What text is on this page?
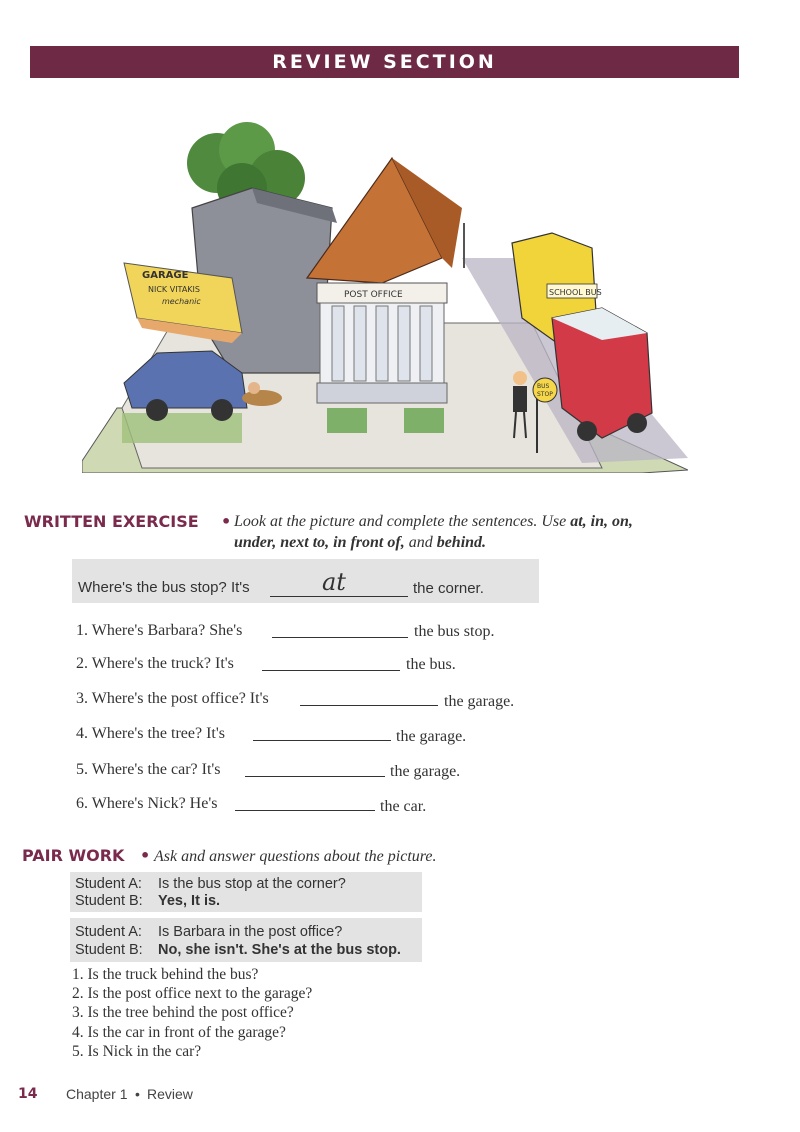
REVIEW SECTION
GARAGE
NICK VITAKIS
mechanic
POST OFFICE	SCHOOL BUS
BUS
STOP
WRITTEN EXERCISE • Look at the picture and complete the sentences. Use at, in, on,
under, next to, in front of, and behind.
Where's the bus stop? It's	at	the corner.
1. Where's Barbara? She's	the bus stop.
2. Where's the truck? It's	the bus.
3. Where's the post office? It's	the garage.
4. Where's the tree? It's	the garage.
5. Where's the car? It's	the garage.
6. Where's Nick? He's	the car.
PAIR WORK • Ask and answer questions about the picture.
Student A: Is the bus stop at the corner?
Student B: Yes, It is.
Student A: Is Barbara in the post office?
Student B: No, she isn't. She's at the bus stop.
1. Is the truck behind the bus?
2. Is the post office next to the garage?
3. Is the tree behind the post office?
4. Is the car in front of the garage?
5. Is Nick in the car?
14 Chapter 1 • Review
